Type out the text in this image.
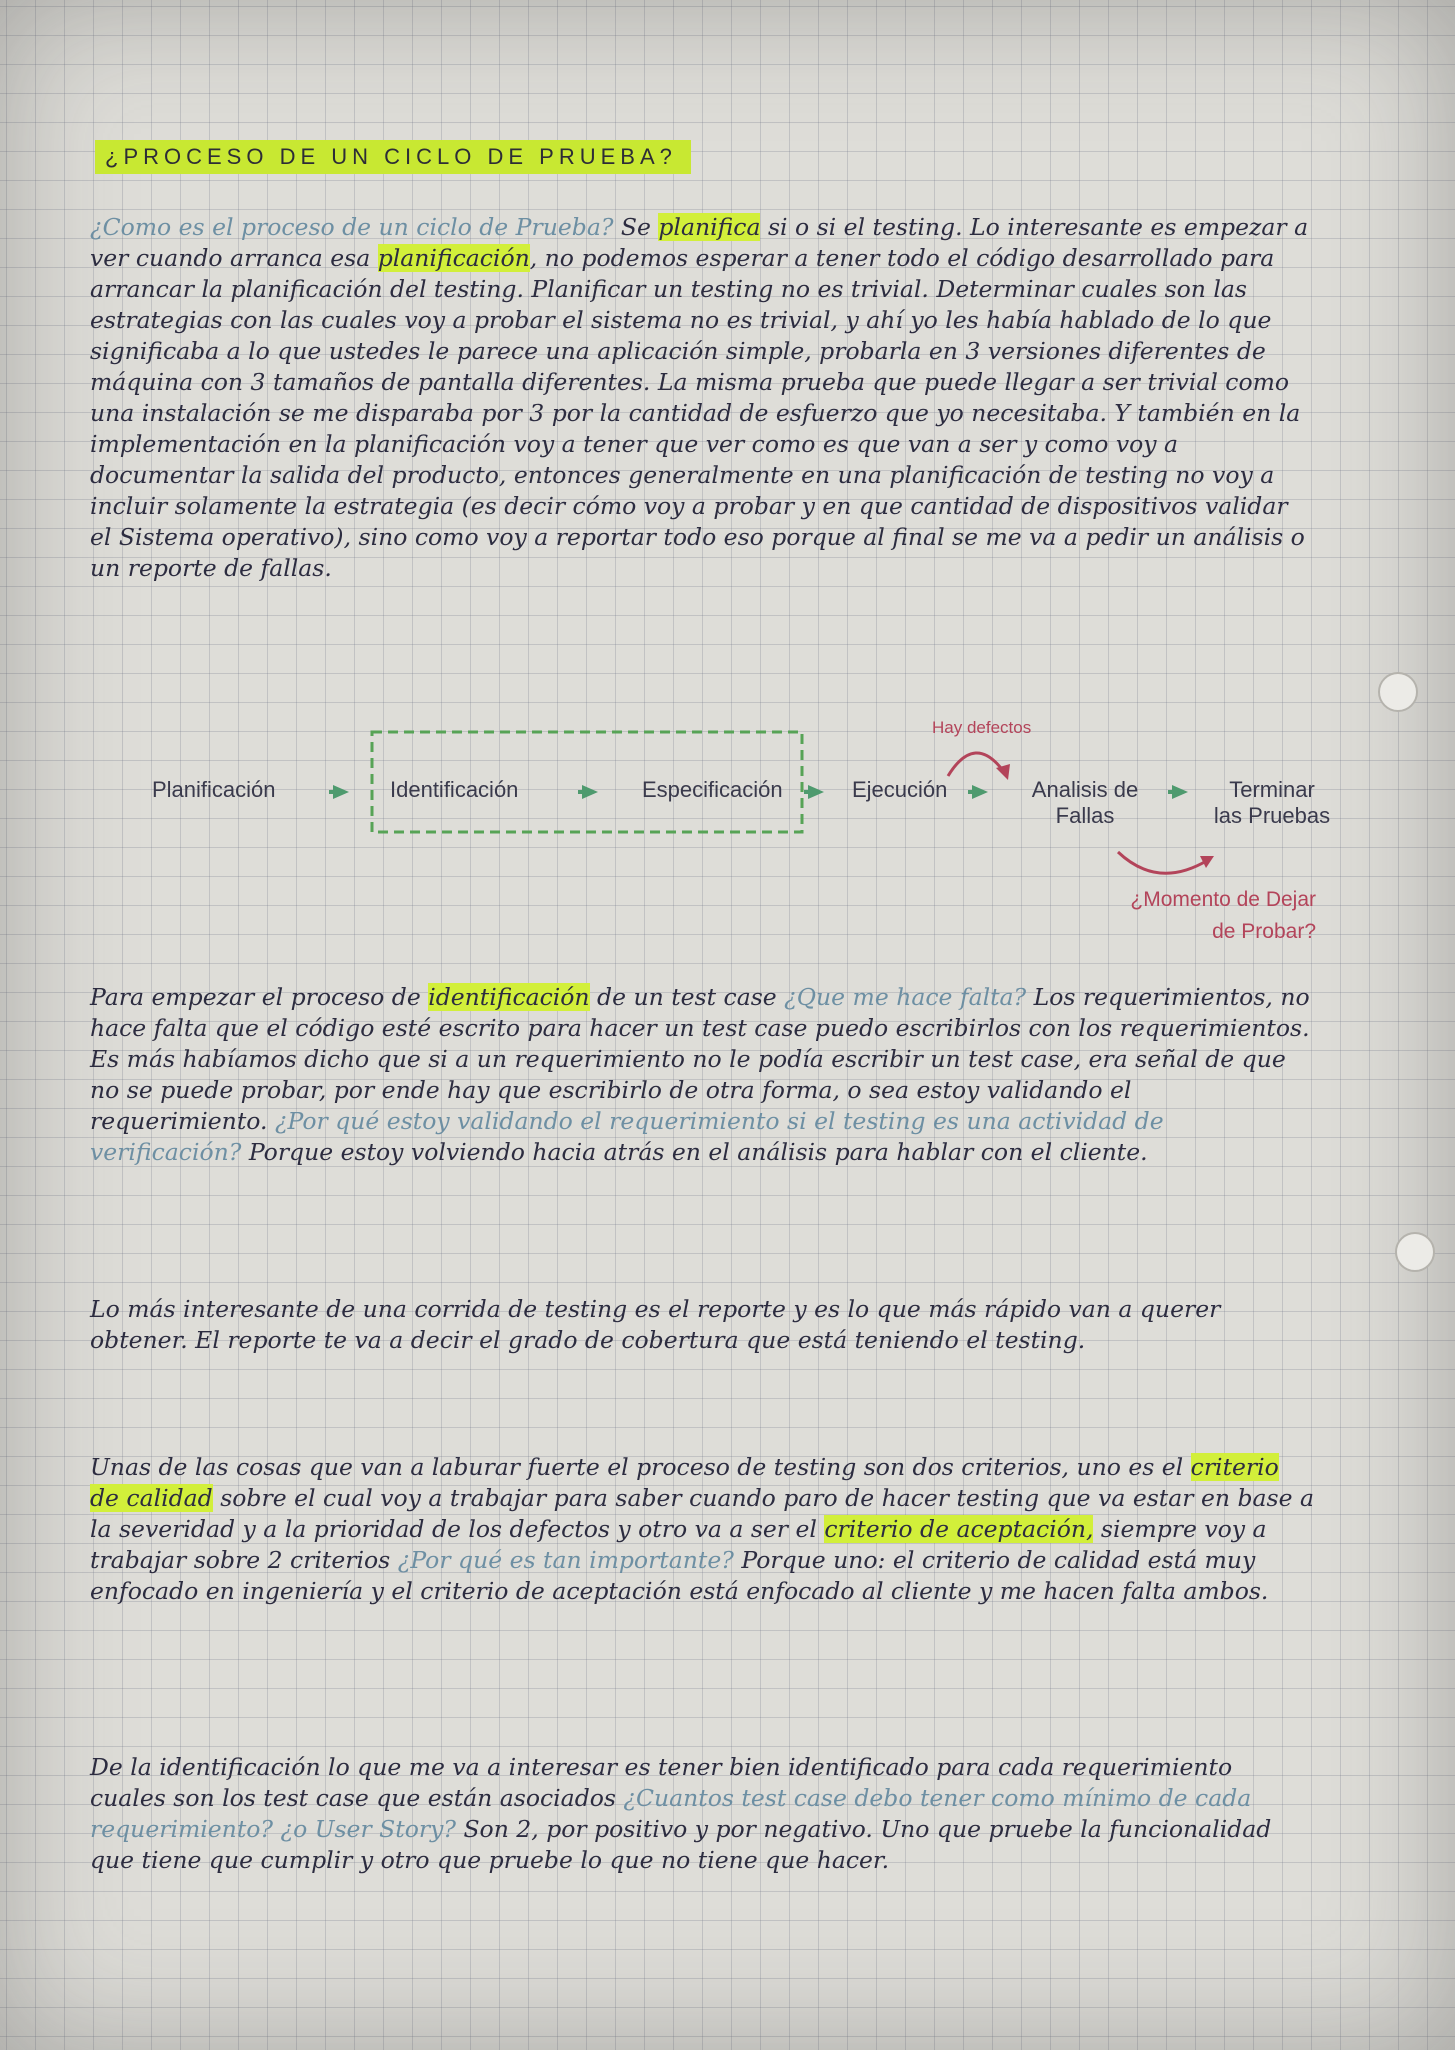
¿PROCESO DE UN CICLO DE PRUEBA?

¿Como es el proceso de un ciclo de Prueba? Se planifica si o si el testing. Lo interesante es empezar a ver cuando arranca esa planificación, no podemos esperar a tener todo el código desarrollado para arrancar la planificación del testing. Planificar un testing no es trivial. Determinar cuales son las estrategias con las cuales voy a probar el sistema no es trivial, y ahí yo les había hablado de lo que significaba a lo que ustedes le parece una aplicación simple, probarla en 3 versiones diferentes de máquina con 3 tamaños de pantalla diferentes. La misma prueba que puede llegar a ser trivial como una instalación se me disparaba por 3 por la cantidad de esfuerzo que yo necesitaba. Y también en la implementación en la planificación voy a tener que ver como es que van a ser y como voy a documentar la salida del producto, entonces generalmente en una planificación de testing no voy a incluir solamente la estrategia (es decir cómo voy a probar y en que cantidad de dispositivos validar el Sistema operativo), sino como voy a reportar todo eso porque al final se me va a pedir un análisis o un reporte de fallas.

Planificación	Identificación	Especificación	Ejecución	Analisis de
Fallas
Terminar
las Pruebas
Hay defectos
¿Momento de Dejar
de Probar?

Para empezar el proceso de identificación de un test case ¿Que me hace falta? Los requerimientos, no hace falta que el código esté escrito para hacer un test case puedo escribirlos con los requerimientos. Es más habíamos dicho que si a un requerimiento no le podía escribir un test case, era señal de que no se puede probar, por ende hay que escribirlo de otra forma, o sea estoy validando el requerimiento. ¿Por qué estoy validando el requerimiento si el testing es una actividad de verificación? Porque estoy volviendo hacia atrás en el análisis para hablar con el cliente.

Lo más interesante de una corrida de testing es el reporte y es lo que más rápido van a querer obtener. El reporte te va a decir el grado de cobertura que está teniendo el testing.

Unas de las cosas que van a laburar fuerte el proceso de testing son dos criterios, uno es el criterio de calidad sobre el cual voy a trabajar para saber cuando paro de hacer testing que va estar en base a la severidad y a la prioridad de los defectos y otro va a ser el criterio de aceptación, siempre voy a trabajar sobre 2 criterios ¿Por qué es tan importante? Porque uno: el criterio de calidad está muy enfocado en ingeniería y el criterio de aceptación está enfocado al cliente y me hacen falta ambos.

De la identificación lo que me va a interesar es tener bien identificado para cada requerimiento cuales son los test case que están asociados ¿Cuantos test case debo tener como mínimo de cada requerimiento? ¿o User Story? Son 2, por positivo y por negativo. Uno que pruebe la funcionalidad que tiene que cumplir y otro que pruebe lo que no tiene que hacer.
